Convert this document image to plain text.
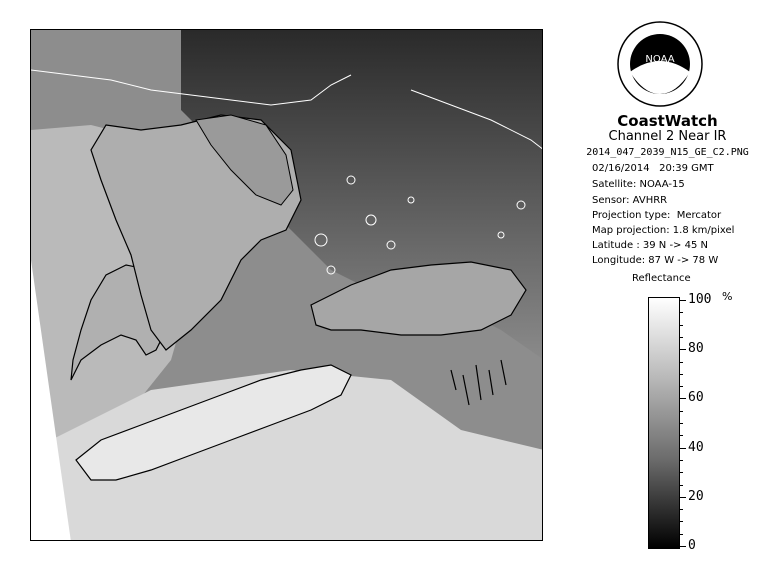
NOAA
CoastWatch
Channel 2 Near IR
2014_047_2039_N15_GE_C2.PNG
02/16/2014   20:39 GMT
Satellite: NOAA-15
Sensor: AVHRR
Projection type:  Mercator
Map projection: 1.8 km/pixel
Latitude : 39 N -> 45 N
Longitude: 87 W -> 78 W
Reflectance
%
100
80
60
40
20
0
